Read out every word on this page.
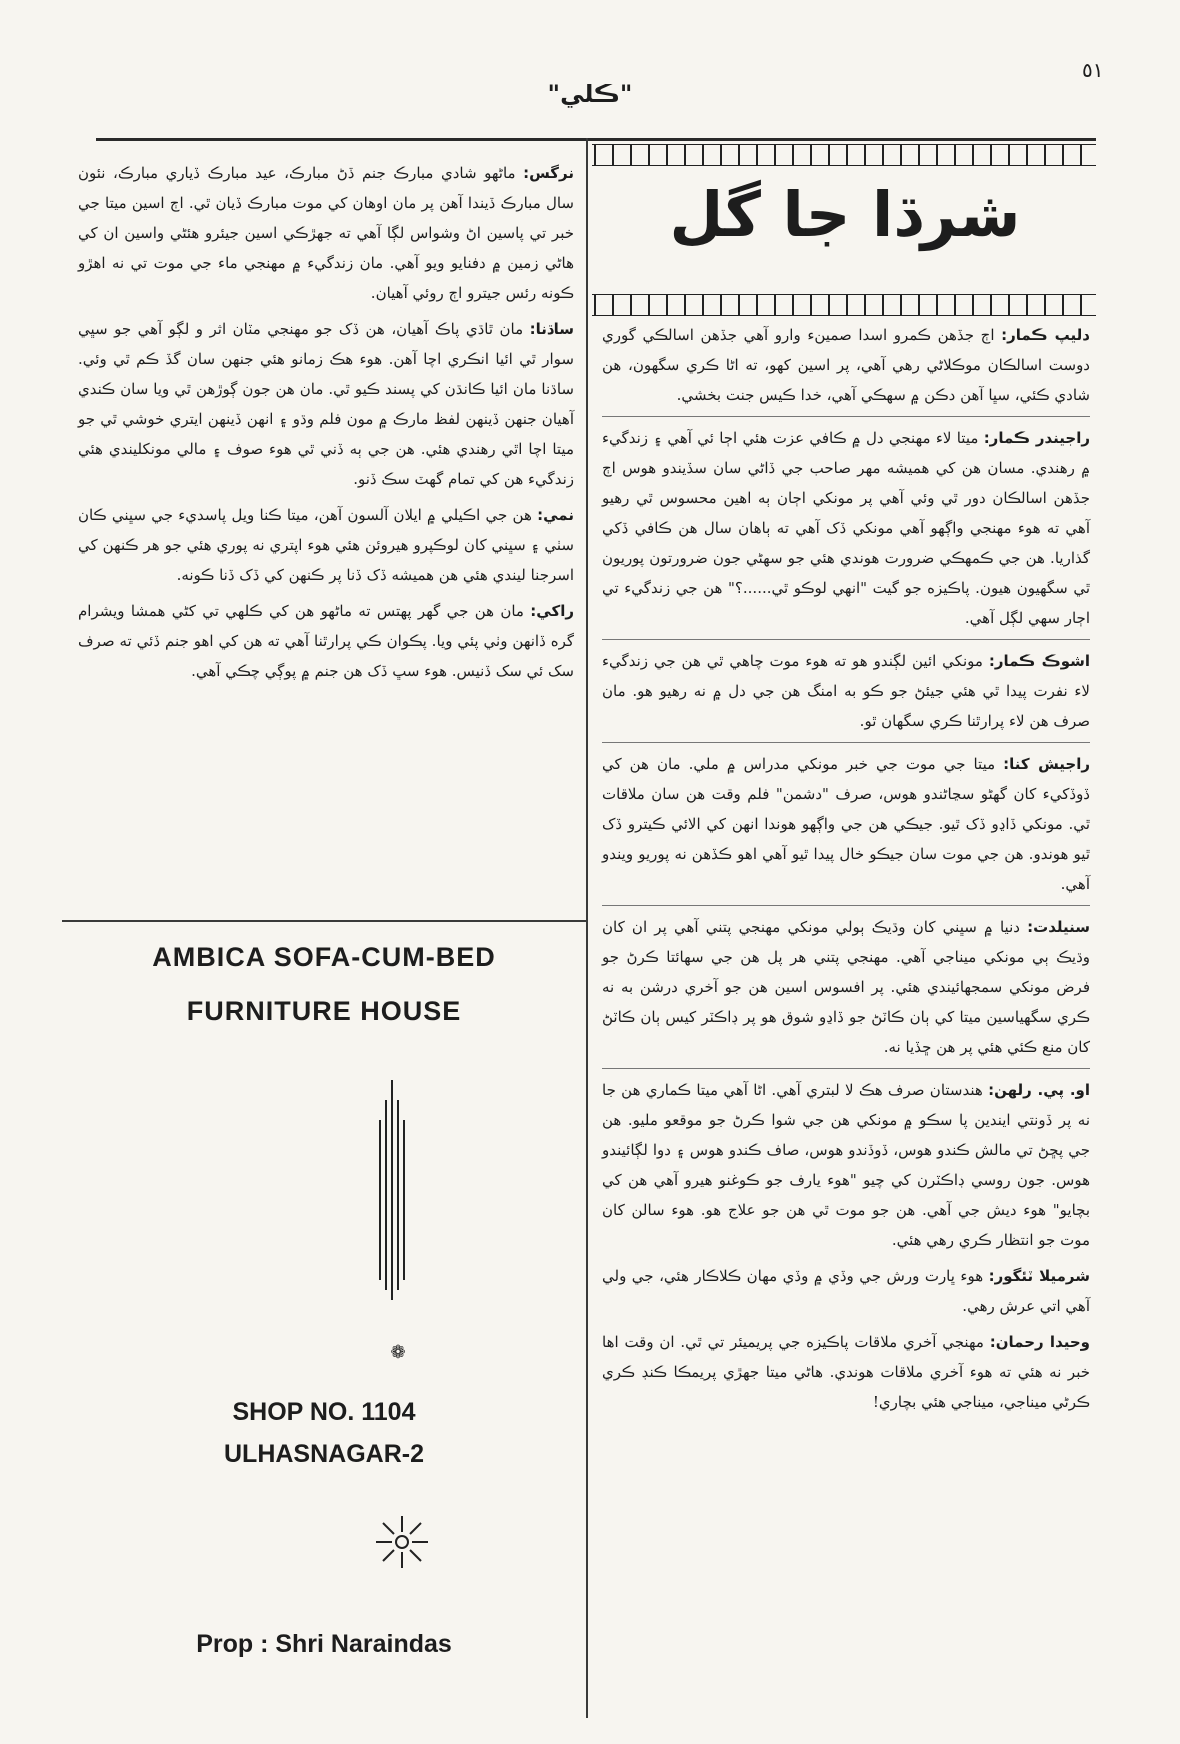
٥١
"ڪلي"
شرڌا جا گل
دليپ ڪمار: اڄ جڏهن ڪمرو اسدا صمينء وارو آهي جڏهن اسالڪي گوري دوست اسالڪان موڪلاڻي رهي آهي، پر اسين کهو، ته اڻا ڪري سگهون، هن شادي ڪئي، سڀا آهن دڪن ۾ سهڪي آهي، خدا ڪيس جنت بخشي.
راجيندر ڪمار: ميتا لاء مهنجي دل ۾ ڪافي عزت هئي اڄا ئي آهي ۽ زندگيء ۾ رهندي. مسان هن کي هميشه مهر صاحب جي ڏاڻي سان سڏيندو هوس اڄ جڏهن اسالڪان دور ٿي وئي آهي پر مونکي اڄان ٻه اهين محسوس ٿي رهيو آهي ته هوء مهنجي واڳهو آهي مونکي ڏک آهي ته ٻاهان سال هن ڪافي ڏکي گذاريا. هن جي ڪمهڪي ضرورت هوندي هئي جو سهڻي جون ضرورتون پوريون ٿي سگهيون هيون. پاڪيزه جو گيت "انهي لوڪو ٿي......؟" هن جي زندگيء تي اڄار سهي لڳل آهي.
اشوڪ ڪمار: مونکي ائين لڳندو هو ته هوء موت چاهي ٿي هن جي زندگيء لاء نفرت پيدا ٿي هئي جيئڻ جو ڪو به امنگ هن جي دل ۾ نه رهيو هو. مان صرف هن لاء پرارٿنا ڪري سگهان ٿو.
راجيش کنا: ميتا جي موت جي خبر مونکي مدراس ۾ ملي. مان هن کي ڏوڏکيء کان گهڻو سڃاڻندو هوس، صرف "دشمن" فلم وقت هن سان ملاقات ٿي. مونکي ڏاڍو ڏک ٿيو. جيڪي هن جي واڳهو هوندا انهن کي الائي ڪيترو ڏک ٿيو هوندو. هن جي موت سان جيڪو خال پيدا ٿيو آهي اهو ڪڏهن نه پوريو ويندو آهي.
سنيلدت: دنيا ۾ سڀني کان وڌيڪ ٻولي مونکي مهنجي پتني آهي پر ان کان وڌيڪ ٻي مونکي ميناجي آهي. مهنجي پتني هر پل هن جي سهائتا ڪرڻ جو فرض مونکي سمجهائيندي هئي. پر افسوس اسين هن جو آخري درشن به نه ڪري سگهياسين ميتا کي ٻان ڪاٽڻ جو ڏاڍو شوق هو پر ڊاڪٽر کيس ٻان ڪاٽڻ کان منع ڪئي هئي پر هن ڇڏيا نه.
او. پي. رلهن: هندستان صرف هڪ لا لبتري آهي. اڻا آهي ميتا ڪماري هن جا نه پر ڏونتي ايندين پا سڪو ۾ مونکي هن جي شوا ڪرڻ جو موقعو مليو. هن جي پڇڻ تي مالش ڪندو هوس، ڏوڏندو هوس، صاف ڪندو هوس ۽ دوا لڳائيندو هوس. جون روسي ڊاڪٽرن کي چيو "هوء يارف جو ڪوغنو هيرو آهي هن کي بچايو" هوء ديش جي آهي. هن جو موت ٿي هن جو علاج هو. هوء سالن کان موت جو انتظار ڪري رهي هئي.
شرميلا ٽئگور: هوء ڀارت ورش جي وڏي ۾ وڏي مهان ڪلاڪار هئي، جي ولي آهي اتي عرش رهي.
وحيدا رحمان: مهنجي آخري ملاقات پاڪيزه جي پريميئر تي ٿي. ان وقت اها خبر نه هئي ته هوء آخري ملاقات هوندي. هاڻي ميتا جهڙي پريمڪا ڪنڊ ڪري ڪرڻي ميناجي، ميناجي هئي بچاري!
نرگس: ماڻهو شادي مبارڪ جنم ڏڻ مبارڪ، عيد مبارڪ ڏياري مبارڪ، نئون سال مبارڪ ڏيندا آهن پر مان اوهان کي موت مبارڪ ڏيان ٿي. اڄ اسين ميتا جي خبر تي پاسين اڻ وشواس لڳا آهي ته جهڙڪي اسين جيئرو هئڻي واسين ان کي هاڻي زمين ۾ دفنايو ويو آهي. مان زندگيء ۾ مهنجي ماء جي موت تي نه اهڙو ڪونه رئس جيترو اڄ روئي آهيان.
ساڌنا: مان ٿاڌي پاڪ آهيان، هن ڏک جو مهنجي مٽان اثر و لڳو آهي جو سڀي سوار ٿي ائيا انڪري اچا آهن. هوء هڪ زمانو هئي جنهن سان گڏ ڪم ٿي وئي. ساڌنا مان ائيا ڪانڌن کي پسند ڪيو ٿي. مان هن جون ڳوڙهن ٿي ويا سان ڪندي آهيان جنهن ڏينهن لفظ مارڪ ۾ مون فلم وڌو ۽ انهن ڏينهن ايتري خوشي ٿي جو ميتا اچا اٿي رهندي هئي. هن جي ٻه ڏني ٿي هوء صوف ۽ مالي مونکليندي هئي زندگيء هن کي تمام گهٽ سڪ ڏنو.
نمي: هن جي اڪيلي ۾ ايلان آلسون آهن، ميتا ڪنا ويل پاسديء جي سڀني ڪان سٺي ۽ سڀني کان لوڪپرو هيروئن هئي هوء اپتري نه پوري هئي جو هر ڪنهن کي اسرجنا ليندي هئي هن هميشه ڏک ڏنا پر ڪنهن کي ڏک ڏنا ڪونه.
راکي: مان هن جي گهر پهتس ته ماڻهو هن کي ڪلهي تي کڻي همشا ويشرام گره ڏانهن وٺي پئي ويا. پڪوان ڪي پرارٿنا آهي ته هن کي اهو جنم ڏئي ته صرف سک ئي سک ڏنيس. هوء سڀ ڏک هن جنم ۾ پوڳي چڪي آهي.
AMBICA SOFA-CUM-BED
FURNITURE HOUSE
❁
SHOP NO. 1104
ULHASNAGAR-2
Prop : Shri Naraindas
